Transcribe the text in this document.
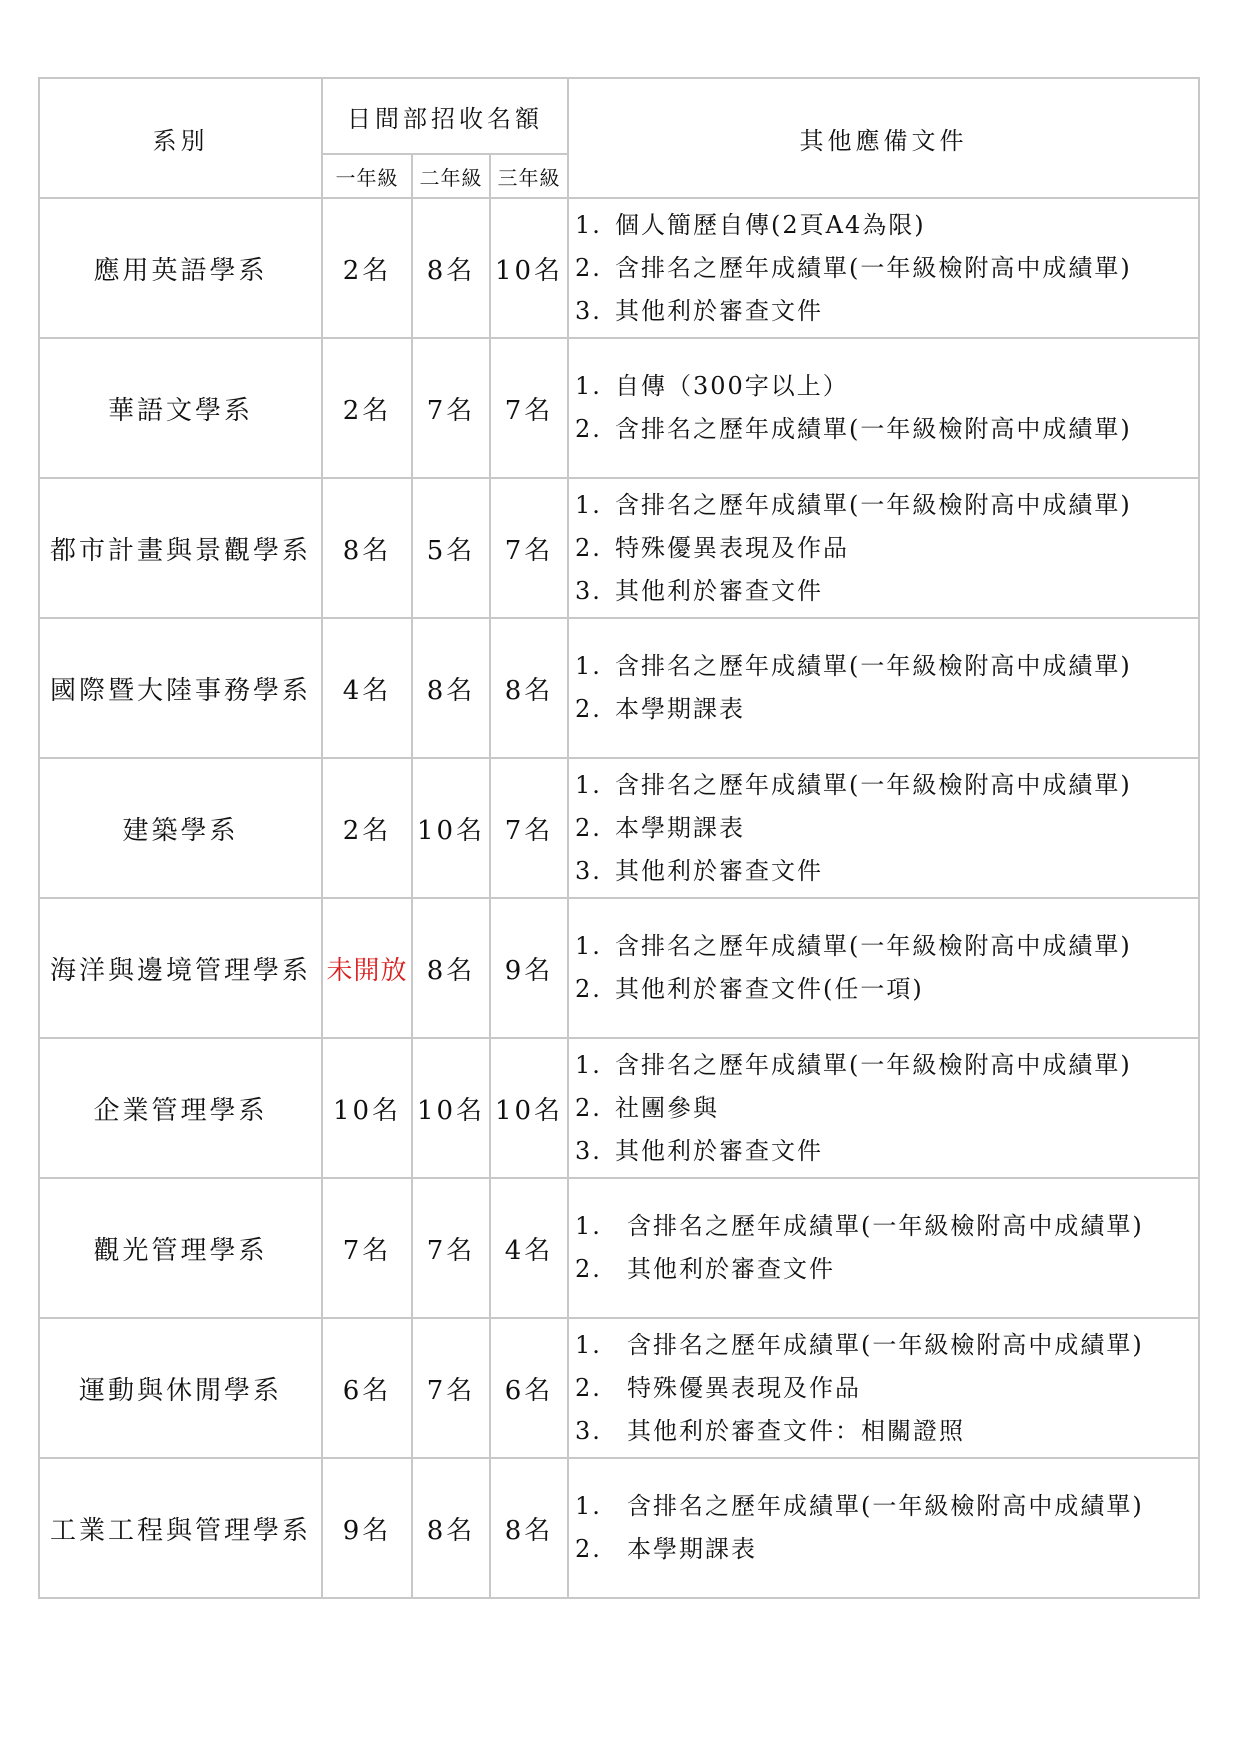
系別	日間部招收名額			其他應備文件
	一年級	二年級	三年級	
應用英語學系	2名	8名	10名	1. 個人簡歷自傳(2頁A4為限)
2. 含排名之歷年成績單(一年級檢附高中成績單)
3. 其他利於審查文件

華語文學系	2名	7名	7名	1. 自傳（300字以上）
2. 含排名之歷年成績單(一年級檢附高中成績單)

都市計畫與景觀學系	8名	5名	7名	1. 含排名之歷年成績單(一年級檢附高中成績單)
2. 特殊優異表現及作品
3. 其他利於審查文件

國際暨大陸事務學系	4名	8名	8名	1. 含排名之歷年成績單(一年級檢附高中成績單)
2. 本學期課表

建築學系	2名	10名	7名	1. 含排名之歷年成績單(一年級檢附高中成績單)
2. 本學期課表
3. 其他利於審查文件

海洋與邊境管理學系	未開放	8名	9名	1. 含排名之歷年成績單(一年級檢附高中成績單)
2. 其他利於審查文件(任一項)

企業管理學系	10名	10名	10名	1. 含排名之歷年成績單(一年級檢附高中成績單)
2. 社團參與
3. 其他利於審查文件

觀光管理學系	7名	7名	4名	1. 含排名之歷年成績單(一年級檢附高中成績單)
2. 其他利於審查文件

運動與休閒學系	6名	7名	6名	1. 含排名之歷年成績單(一年級檢附高中成績單)
2. 特殊優異表現及作品
3. 其他利於審查文件：相關證照

工業工程與管理學系	9名	8名	8名	1. 含排名之歷年成績單(一年級檢附高中成績單)
2. 本學期課表
